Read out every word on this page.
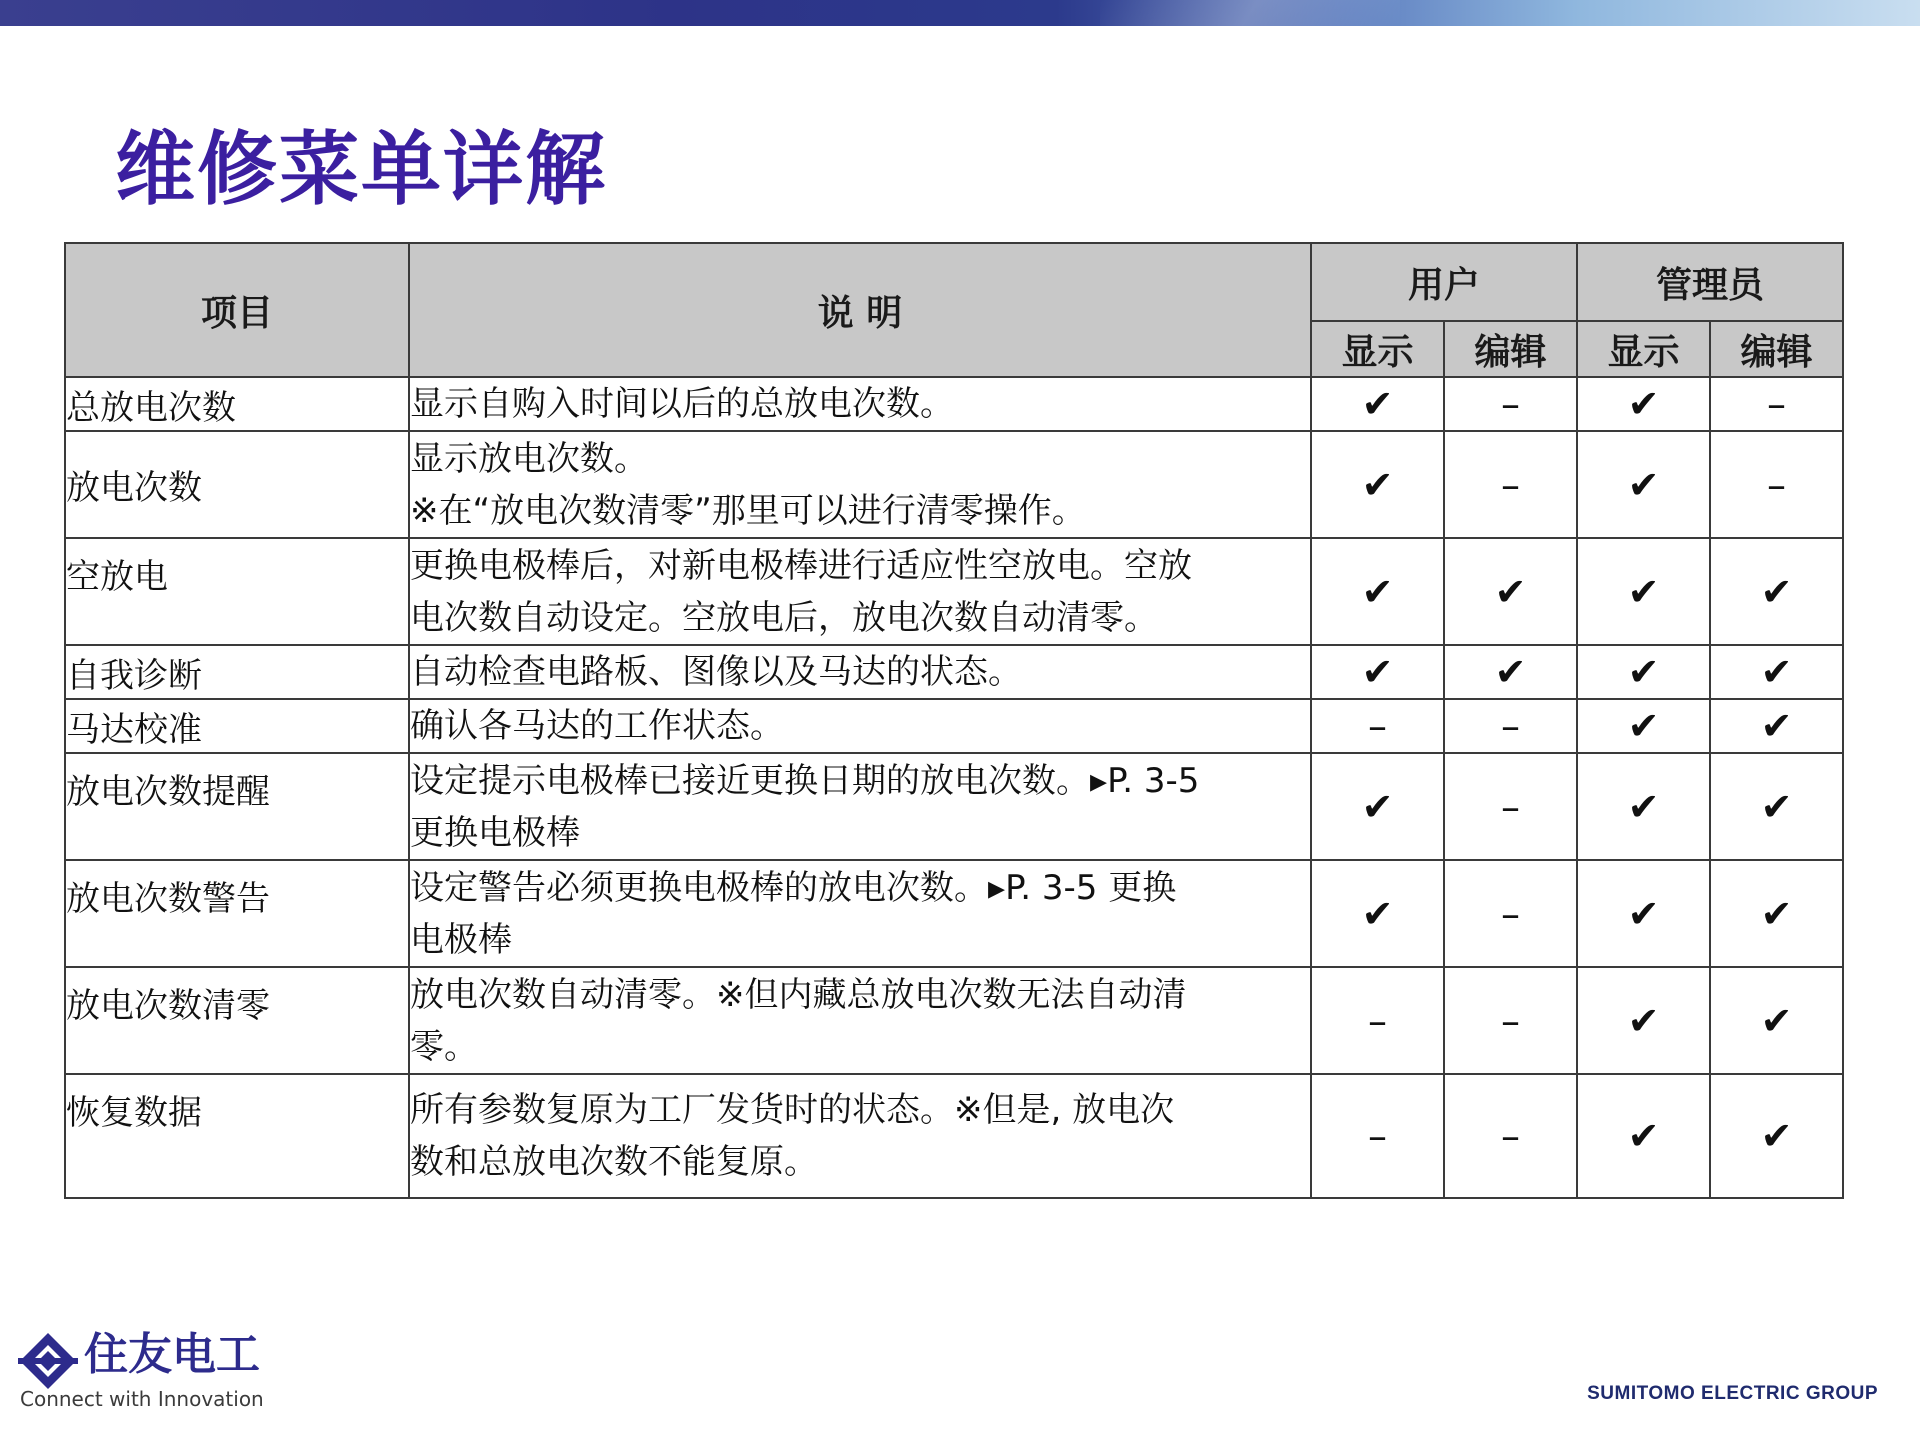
维修菜单详解
项目	说 明	用户		管理员	
		显示	编辑	显示	编辑
总放电次数	显示自购入时间以后的总放电次数。	✔	–	✔	–
放电次数	显示放电次数。
※在“放电次数清零”那里可以进行清零操作。	✔	–	✔	–
空放电	更换电极棒后，对新电极棒进行适应性空放电。空放
电次数自动设定。空放电后，放电次数自动清零。	✔	✔	✔	✔
自我诊断	自动检查电路板、图像以及马达的状态。	✔	✔	✔	✔
马达校准	确认各马达的工作状态。	–	–	✔	✔
放电次数提醒	设定提示电极棒已接近更换日期的放电次数。▸P. 3-5
更换电极棒	✔	–	✔	✔
放电次数警告	设定警告必须更换电极棒的放电次数。▸P. 3-5 更换
电极棒	✔	–	✔	✔
放电次数清零	放电次数自动清零。※但内藏总放电次数无法自动清
零。	–	–	✔	✔
恢复数据	所有参数复原为工厂发货时的状态。※但是, 放电次
数和总放电次数不能复原。	–	–	✔	✔
住友电工
Connect with Innovation	SUMITOMO ELECTRIC GROUP
